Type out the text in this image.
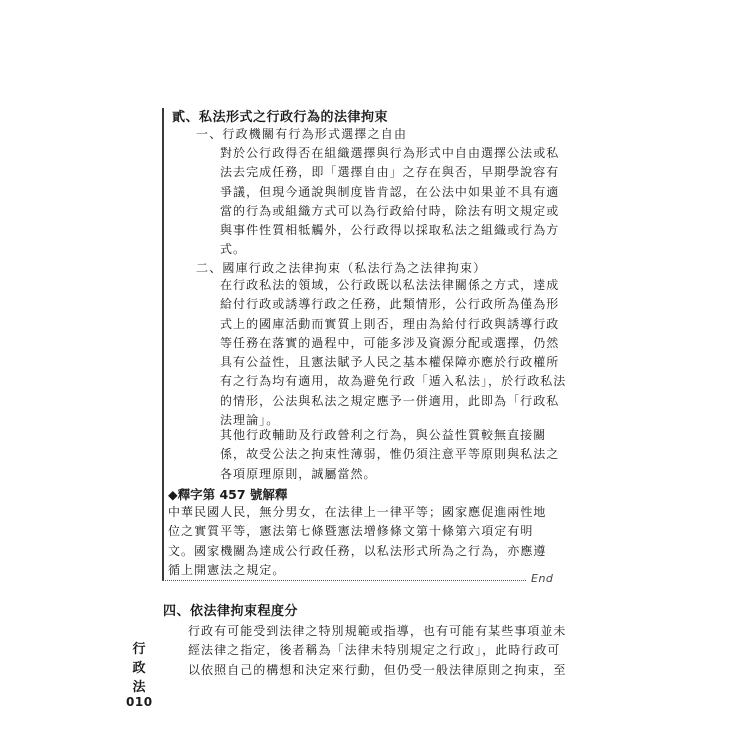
貳、私法形式之行政行為的法律拘束
一、行政機關有行為形式選擇之自由
對於公行政得否在組織選擇與行為形式中自由選擇公法或私
法去完成任務，即「選擇自由」之存在與否，早期學說容有
爭議，但現今通說與制度皆肯認，在公法中如果並不具有適
當的行為或組織方式可以為行政給付時，除法有明文規定或
與事件性質相牴觸外，公行政得以採取私法之組織或行為方
式。
二、國庫行政之法律拘束（私法行為之法律拘束）
在行政私法的領域，公行政既以私法法律關係之方式，達成
給付行政或誘導行政之任務，此類情形，公行政所為僅為形
式上的國庫活動而實質上則否，理由為給付行政與誘導行政
等任務在落實的過程中，可能多涉及資源分配或選擇，仍然
具有公益性，且憲法賦予人民之基本權保障亦應於行政權所
有之行為均有適用，故為避免行政「遁入私法」，於行政私法
的情形，公法與私法之規定應予一併適用，此即為「行政私
法理論」。
其他行政輔助及行政營利之行為，與公益性質較無直接關
係，故受公法之拘束性薄弱，惟仍須注意平等原則與私法之
各項原理原則，誠屬當然。
◆釋字第 457 號解釋
中華民國人民，無分男女，在法律上一律平等；國家應促進兩性地
位之實質平等，憲法第七條暨憲法增修條文第十條第六項定有明
文。國家機關為達成公行政任務，以私法形式所為之行為，亦應遵
循上開憲法之規定。
End
四、依法律拘束程度分
行政有可能受到法律之特別規範或指導，也有可能有某些事項並未
經法律之指定，後者稱為「法律未特別規定之行政」，此時行政可
以依照自己的構想和決定來行動，但仍受一般法律原則之拘束，至
行
政
法
010
